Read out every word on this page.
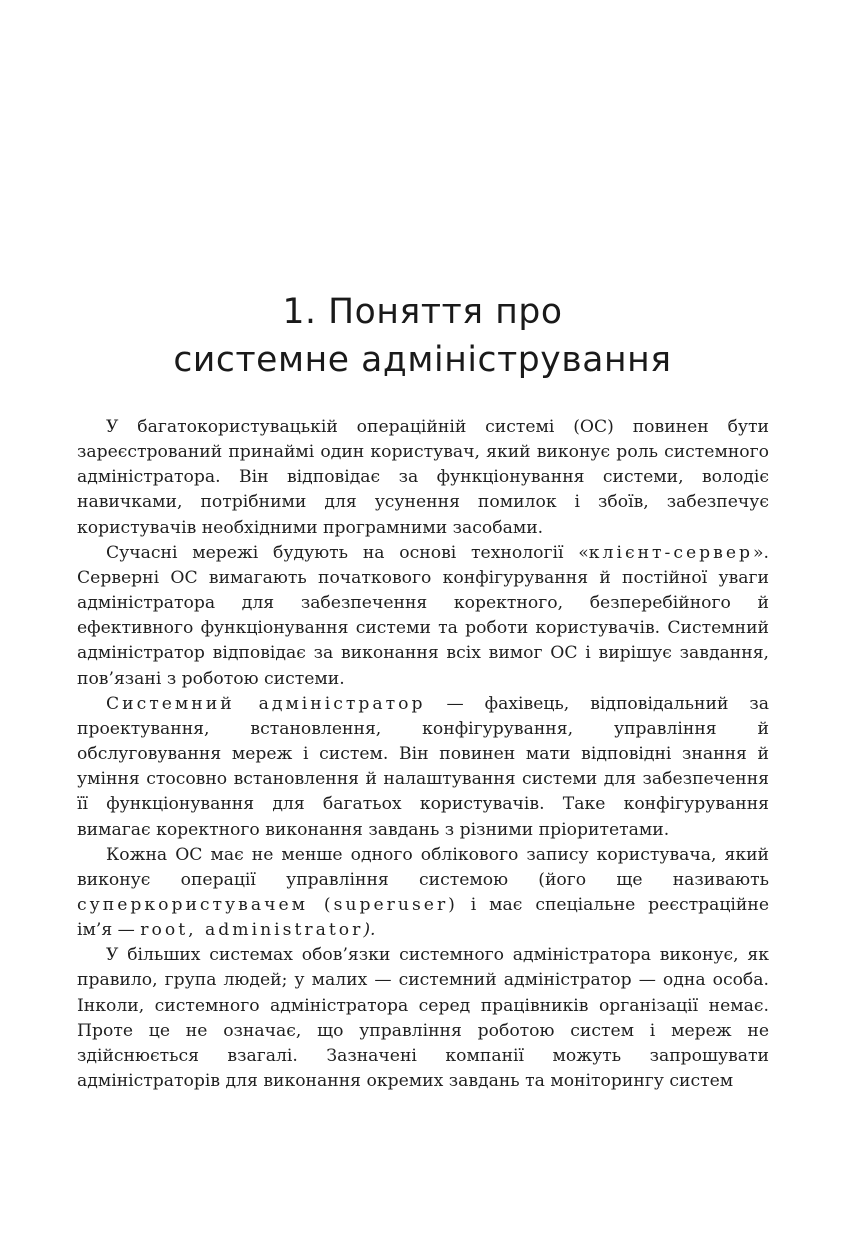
1. Поняття про
системне адміністрування

У багатокористувацькій операційній системі (ОС) повинен бути зареєстрований принаймі один користувач, який виконує роль системного адміністратора. Він відповідає за функціонування системи, володіє навичками, потрібними для усунення помилок і збоїв, забезпечує користувачів необхідними програмними засобами.

Сучасні мережі будують на основі технології «клієнт-сервер». Серверні ОС вимагають початкового конфігурування й постійної уваги адміністратора для забезпечення коректного, безперебійного й ефективного функціонування системи та роботи користувачів. Системний адміністратор відповідає за виконання всіх вимог ОС і вирішує завдання, пов’язані з роботою системи.

Системний адміністратор — фахівець, відповідальний за проектування, встановлення, конфігурування, управління й обслуговування мереж і систем. Він повинен мати відповідні знання й уміння стосовно встановлення й налаштування системи для забезпечення її функціонування для багатьох користувачів. Таке конфігурування вимагає коректного виконання завдань з різними пріоритетами.

Кожна ОС має не менше одного облікового запису користувача, який виконує операції управління системою (його ще називають суперкористувачем (superuser) і має спеціальне реєстраційне ім’я — root, administrator).

У більших системах обов’язки системного адміністратора виконує, як правило, група людей; у малих — системний адміністратор — одна особа. Інколи, системного адміністратора серед працівників організації немає. Проте це не означає, що управління роботою систем і мереж не здійснюється взагалі. Зазначені компанії можуть запрошувати адміністраторів для виконання окремих завдань та моніторингу систем
